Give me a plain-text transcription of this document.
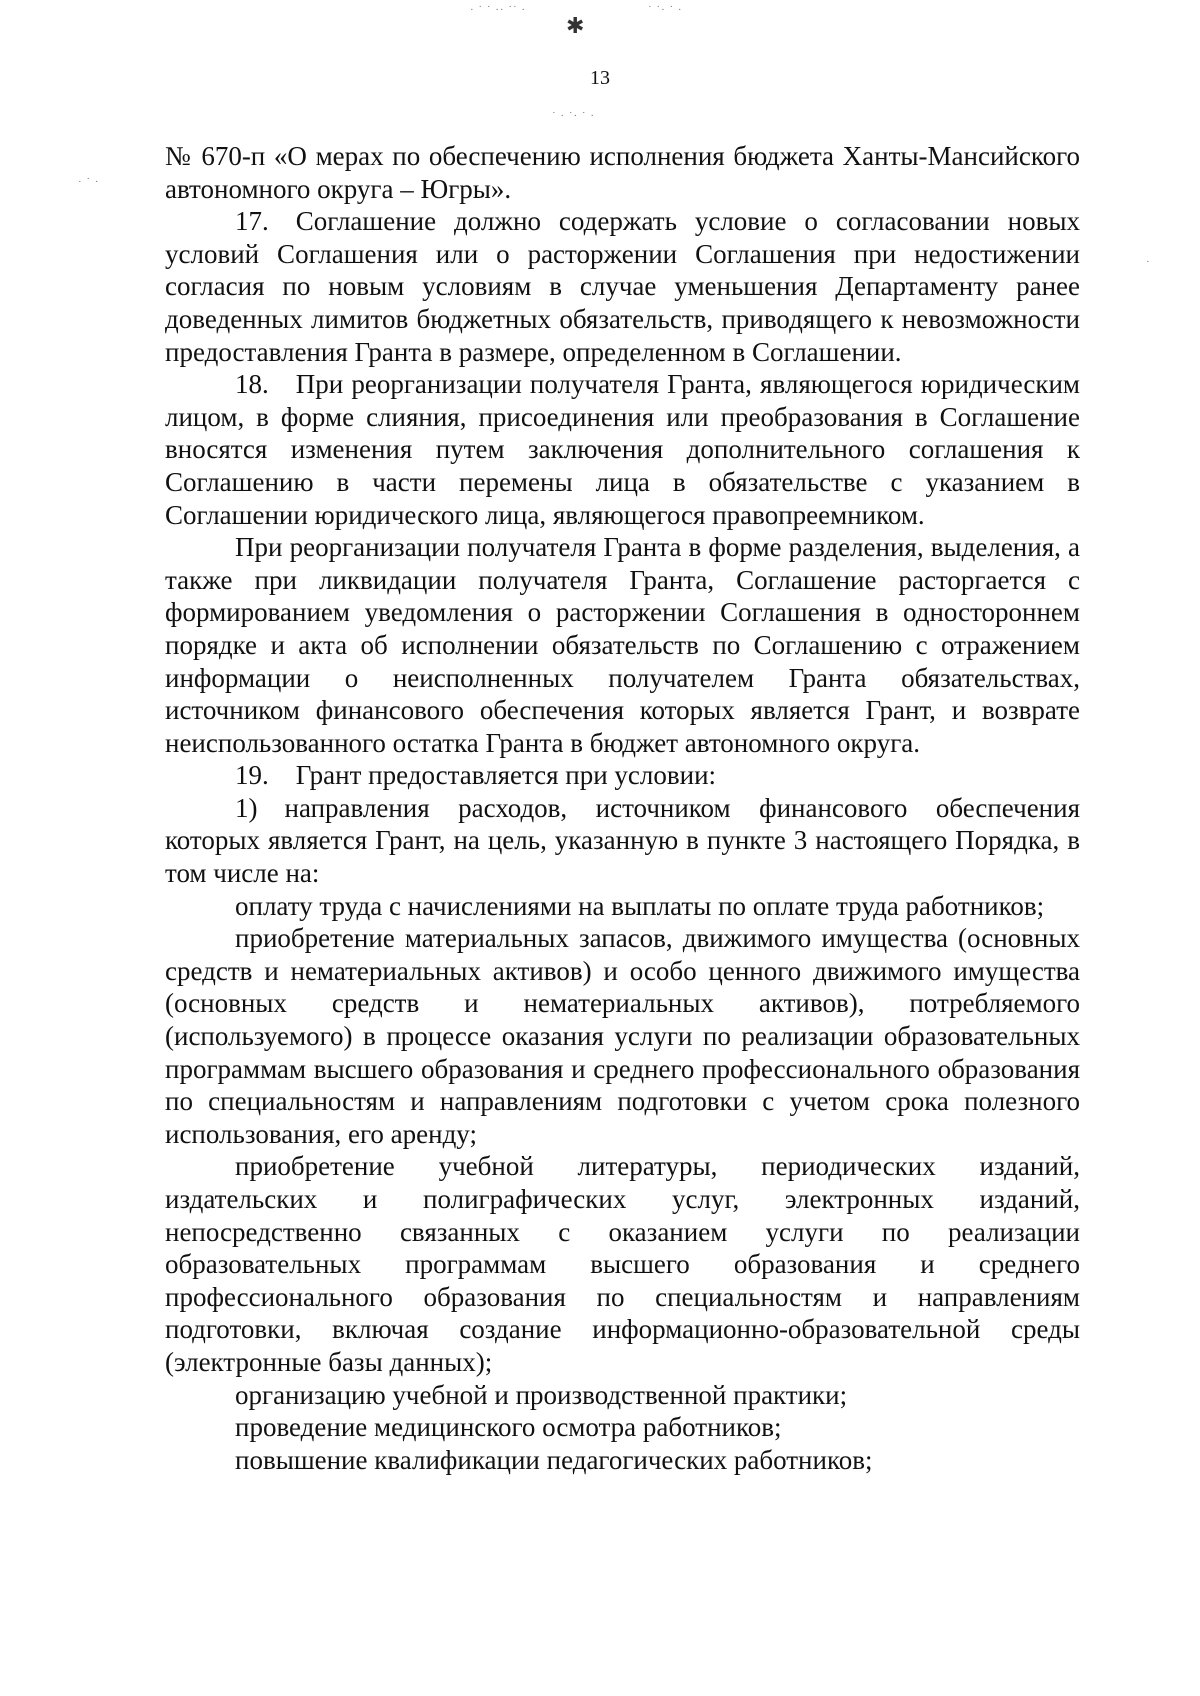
· ˙ ˙ ·· ˙˙ ·	˙ ˙· ˙ ·
✱
˙ · ˙· ˙ ·
· ˙ ·
·
13

№ 670-п «О мерах по обеспечению исполнения бюджета Ханты-Мансийского автономного округа – Югры».

17. Соглашение должно содержать условие о согласовании новых условий Соглашения или о расторжении Соглашения при недостижении согласия по новым условиям в случае уменьшения Департаменту ранее доведенных лимитов бюджетных обязательств, приводящего к невозможности предоставления Гранта в размере, определенном в Соглашении.

18. При реорганизации получателя Гранта, являющегося юридическим лицом, в форме слияния, присоединения или преобразования в Соглашение вносятся изменения путем заключения дополнительного соглашения к Соглашению в части перемены лица в обязательстве с указанием в Соглашении юридического лица, являющегося правопреемником.

При реорганизации получателя Гранта в форме разделения, выделения, а также при ликвидации получателя Гранта, Соглашение расторгается с формированием уведомления о расторжении Соглашения в одностороннем порядке и акта об исполнении обязательств по Соглашению с отражением информации о неисполненных получателем Гранта обязательствах, источником финансового обеспечения которых является Грант, и возврате неиспользованного остатка Гранта в бюджет автономного округа.

19. Грант предоставляется при условии:

1) направления расходов, источником финансового обеспечения которых является Грант, на цель, указанную в пункте 3 настоящего Порядка, в том числе на:

оплату труда с начислениями на выплаты по оплате труда работников;

приобретение материальных запасов, движимого имущества (основных средств и нематериальных активов) и особо ценного движимого имущества (основных средств и нематериальных активов), потребляемого (используемого) в процессе оказания услуги по реализации образовательных программам высшего образования и среднего профессионального образования по специальностям и направлениям подготовки с учетом срока полезного использования, его аренду;

приобретение учебной литературы, периодических изданий, издательских и полиграфических услуг, электронных изданий, непосредственно связанных с оказанием услуги по реализации образовательных программам высшего образования и среднего профессионального образования по специальностям и направлениям подготовки, включая создание информационно-образовательной среды (электронные базы данных);

организацию учебной и производственной практики;

проведение медицинского осмотра работников;

повышение квалификации педагогических работников;
